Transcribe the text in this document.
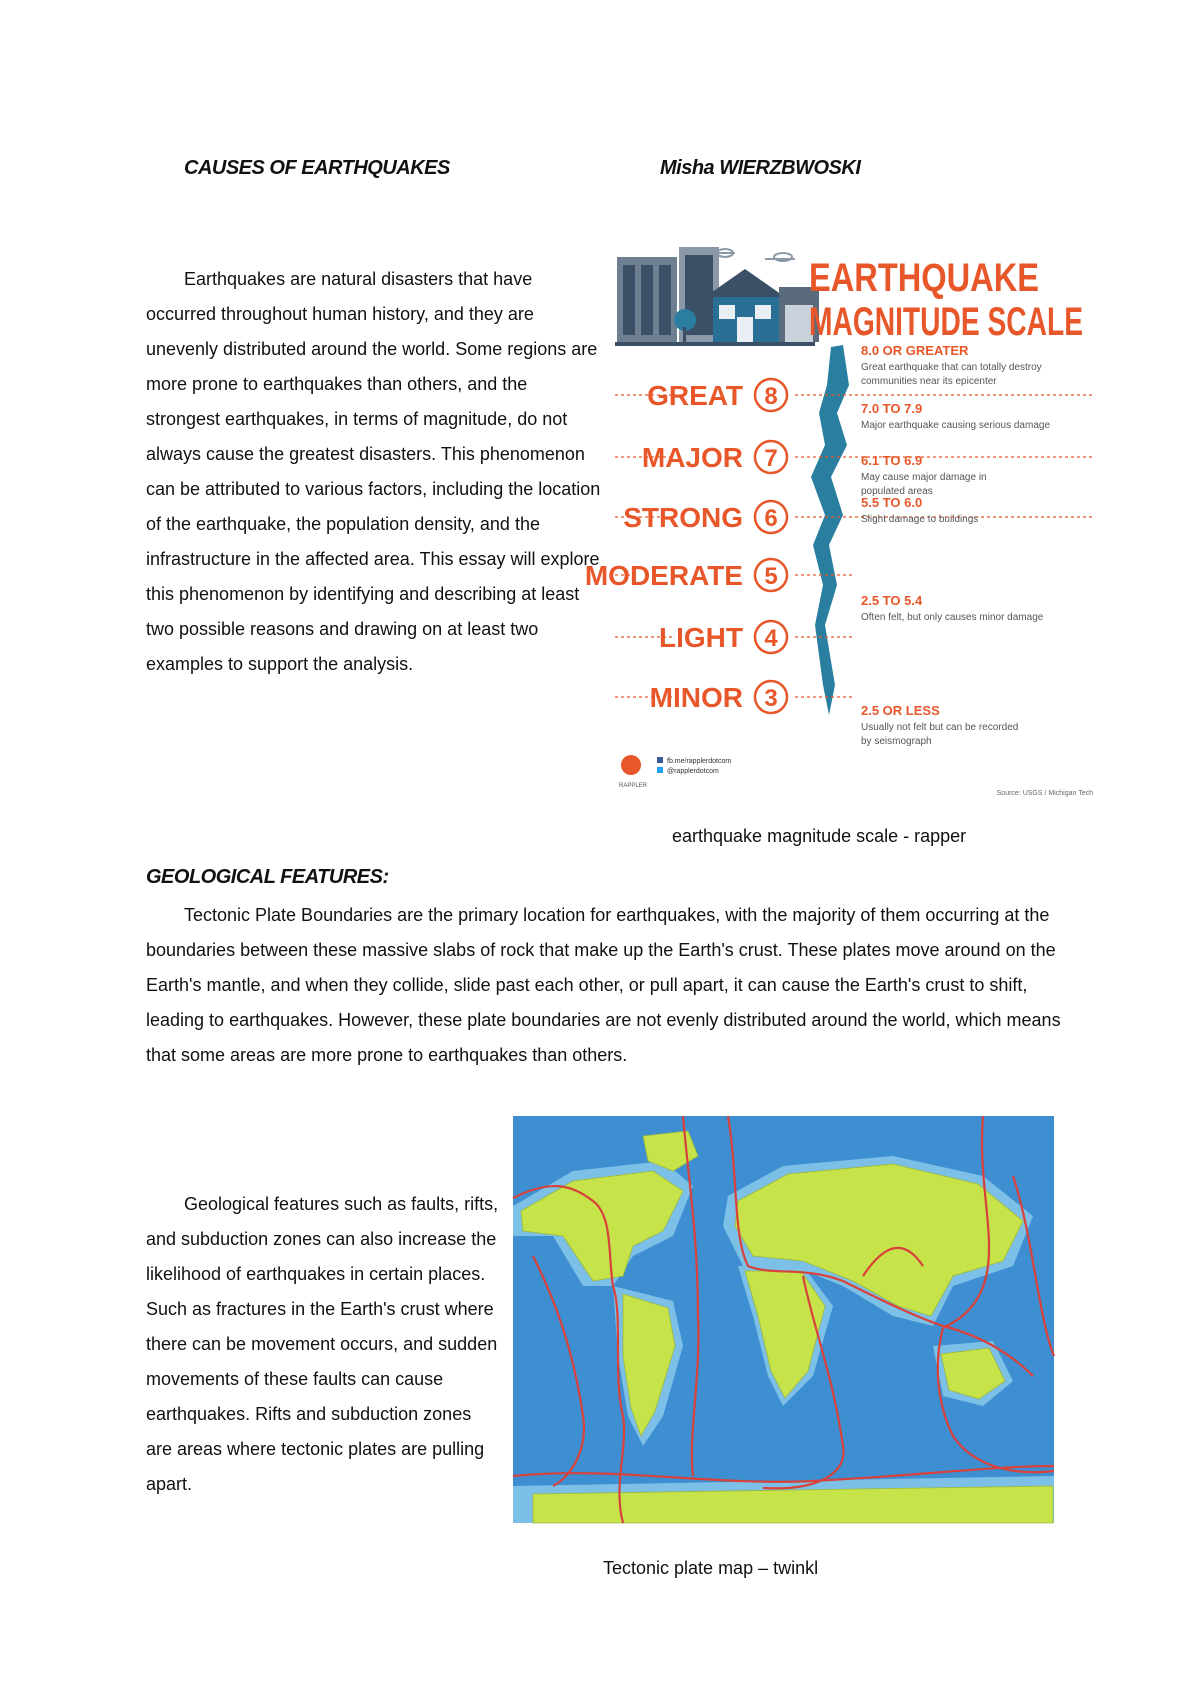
CAUSES OF EARTHQUAKES	Misha WIERZBWOSKI

Earthquakes are natural disasters that have occurred throughout human history, and they are unevenly distributed around the world. Some regions are more prone to earthquakes than others, and the strongest earthquakes, in terms of magnitude, do not always cause the greatest disasters. This phenomenon can be attributed to various factors, including the location of the earthquake, the population density, and the infrastructure in the affected area. This essay will explore this phenomenon by identifying and describing at least two possible reasons and drawing on at least two examples to support the analysis.

EARTHQUAKE
MAGNITUDE SCALE
GREAT 8
MAJOR 7
STRONG 6
MODERATE 5
LIGHT 4
MINOR 3
8.0 OR GREATER
Great earthquake that can totally destroy
communities near its epicenter
7.0 TO 7.9
Major earthquake causing serious damage
6.1 TO 6.9
May cause major damage in
populated areas
5.5 TO 6.0
Slight damage to buildings
2.5 TO 5.4
Often felt, but only causes minor damage
2.5 OR LESS
Usually not felt but can be recorded
by seismograph
RAPPLER
fb.me/rapplerdotcom
@rapplerdotcom
Source: USGS / Michigan Tech
earthquake magnitude scale - rapper
GEOLOGICAL FEATURES:

Tectonic Plate Boundaries are the primary location for earthquakes, with the majority of them occurring at the boundaries between these massive slabs of rock that make up the Earth's crust. These plates move around on the Earth's mantle, and when they collide, slide past each other, or pull apart, it can cause the Earth's crust to shift, leading to earthquakes. However, these plate boundaries are not evenly distributed around the world, which means that some areas are more prone to earthquakes than others.

Geological features such as faults, rifts, and subduction zones can also increase the likelihood of earthquakes in certain places. Such as fractures in the Earth's crust where there can be movement occurs, and sudden movements of these faults can cause earthquakes. Rifts and subduction zones are areas where tectonic plates are pulling apart.

Tectonic plate map – twinkl
